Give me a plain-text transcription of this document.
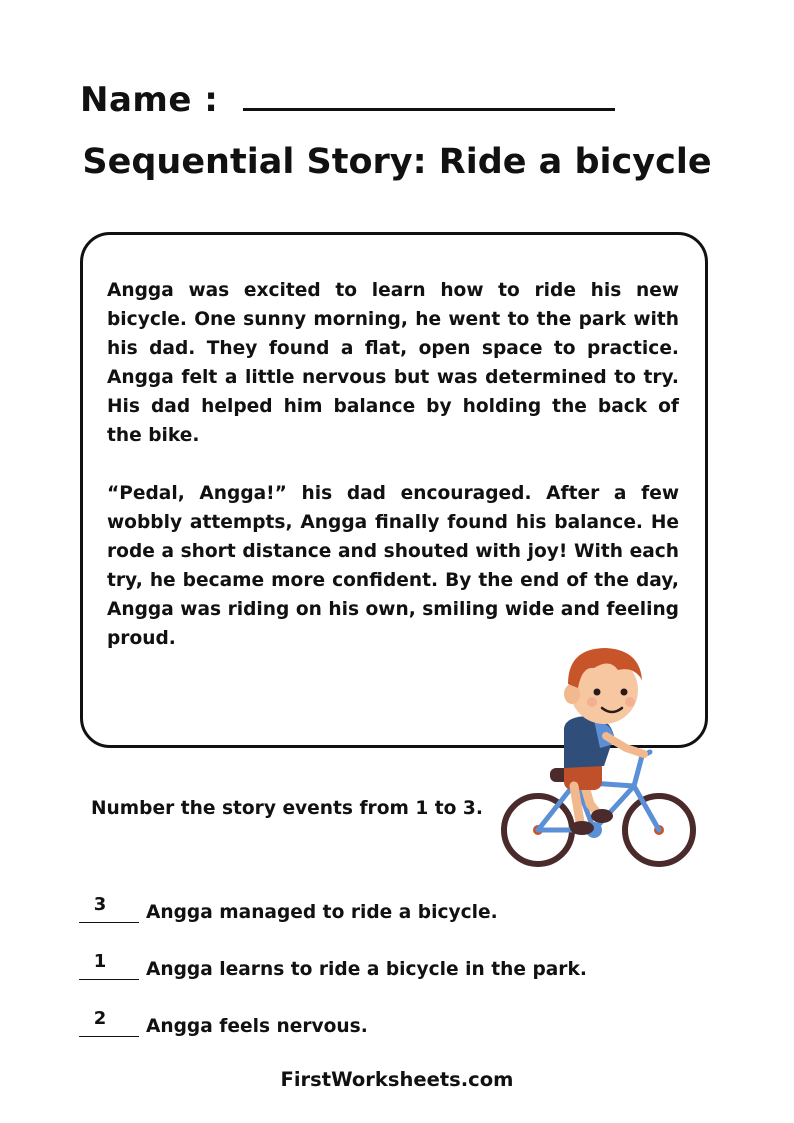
Name :
Sequential Story: Ride a bicycle

Angga was excited to learn how to ride his new bicycle. One sunny morning, he went to the park with his dad. They found a flat, open space to practice. Angga felt a little nervous but was determined to try. His dad helped him balance by holding the back of the bike.

“Pedal, Angga!” his dad encouraged. After a few wobbly attempts, Angga finally found his balance. He rode a short distance and shouted with joy! With each try, he became more confident. By the end of the day, Angga was riding on his own, smiling wide and feeling proud.

Number the story events from 1 to 3.
3	Angga managed to ride a bicycle.
1	Angga learns to ride a bicycle in the park.
2	Angga feels nervous.
FirstWorksheets.com
